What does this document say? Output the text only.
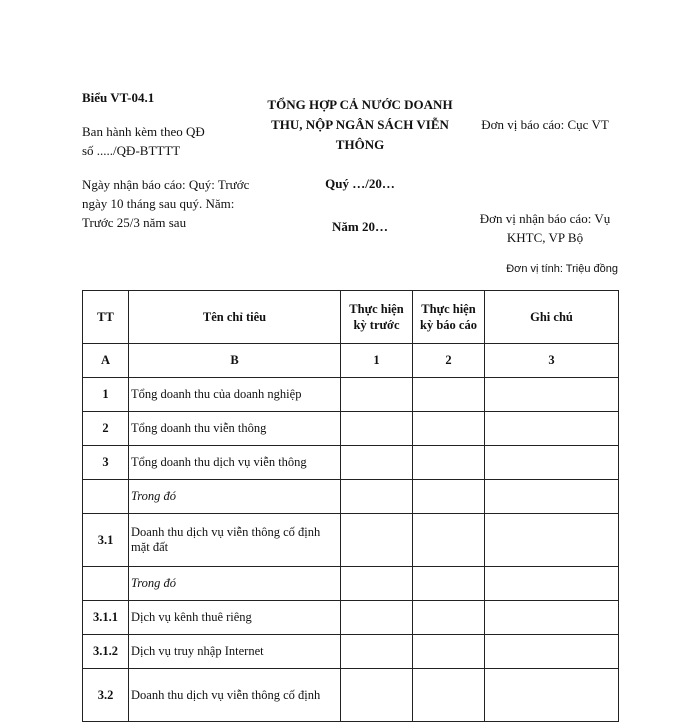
Biểu VT-04.1
Ban hành kèm theo QĐ
số ...../QĐ-BTTTT
Ngày nhận báo cáo: Quý: Trước ngày 10 tháng sau quý. Năm: Trước 25/3 năm sau
TỔNG HỢP CẢ NƯỚC DOANH THU, NỘP NGÂN SÁCH VIỄN THÔNG
Quý …/20…
Năm 20…
Đơn vị báo cáo: Cục VT
Đơn vị nhận báo cáo: Vụ KHTC, VP Bộ
Đơn vị tính: Triệu đồng
TT	Tên chỉ tiêu	Thực hiện kỳ trước	Thực hiện kỳ báo cáo	Ghi chú
A	B	1	2	3
1	Tổng doanh thu của doanh nghiệp			
2	Tổng doanh thu viễn thông			
3	Tổng doanh thu dịch vụ viễn thông			
	Trong đó			
3.1	Doanh thu dịch vụ viễn thông cố định mặt đất			
	Trong đó			
3.1.1	Dịch vụ kênh thuê riêng			
3.1.2	Dịch vụ truy nhập Internet			
3.2	Doanh thu dịch vụ viễn thông cố định			
